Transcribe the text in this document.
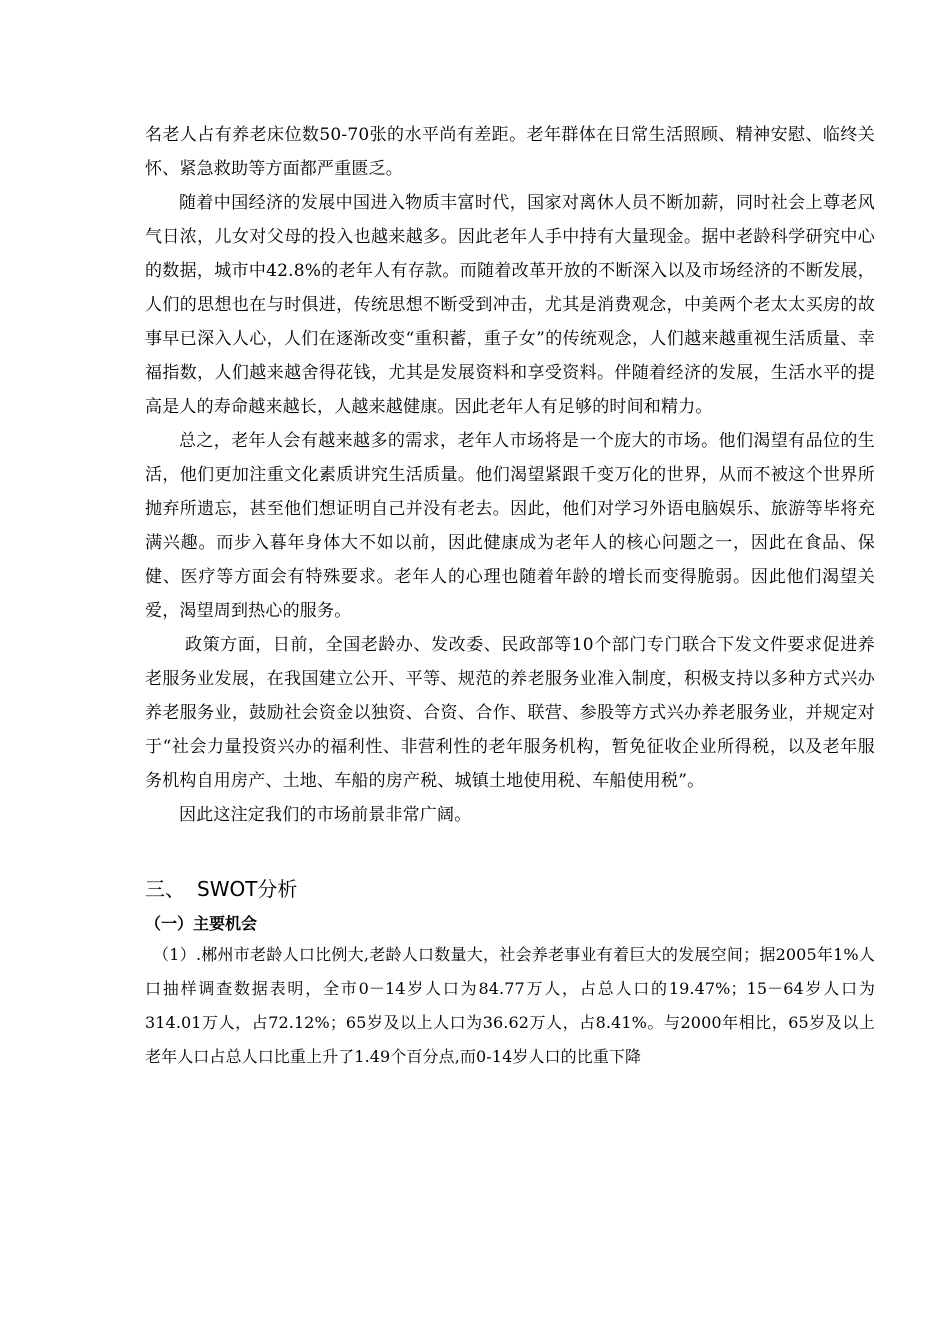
名老人占有养老床位数50-70张的水平尚有差距。老年群体在日常生活照顾、精神安慰、临终关怀、紧急救助等方面都严重匮乏。

随着中国经济的发展中国进入物质丰富时代，国家对离休人员不断加薪，同时社会上尊老风气日浓，儿女对父母的投入也越来越多。因此老年人手中持有大量现金。据中老龄科学研究中心的数据，城市中42.8%的老年人有存款。而随着改革开放的不断深入以及市场经济的不断发展，人们的思想也在与时俱进，传统思想不断受到冲击，尤其是消费观念，中美两个老太太买房的故事早已深入人心，人们在逐渐改变“重积蓄，重子女”的传统观念，人们越来越重视生活质量、幸福指数，人们越来越舍得花钱，尤其是发展资料和享受资料。伴随着经济的发展，生活水平的提高是人的寿命越来越长，人越来越健康。因此老年人有足够的时间和精力。

总之，老年人会有越来越多的需求，老年人市场将是一个庞大的市场。他们渴望有品位的生活，他们更加注重文化素质讲究生活质量。他们渴望紧跟千变万化的世界，从而不被这个世界所抛弃所遗忘，甚至他们想证明自己并没有老去。因此，他们对学习外语电脑娱乐、旅游等毕将充满兴趣。而步入暮年身体大不如以前，因此健康成为老年人的核心问题之一，因此在食品、保健、医疗等方面会有特殊要求。老年人的心理也随着年龄的增长而变得脆弱。因此他们渴望关爱，渴望周到热心的服务。

政策方面，日前，全国老龄办、发改委、民政部等10个部门专门联合下发文件要求促进养老服务业发展，在我国建立公开、平等、规范的养老服务业准入制度，积极支持以多种方式兴办养老服务业，鼓励社会资金以独资、合资、合作、联营、参股等方式兴办养老服务业，并规定对于“社会力量投资兴办的福利性、非营利性的老年服务机构，暂免征收企业所得税，以及老年服务机构自用房产、土地、车船的房产税、城镇土地使用税、车船使用税”。

因此这注定我们的市场前景非常广阔。

三、 SWOT分析
（一）主要机会

（1）.郴州市老龄人口比例大,老龄人口数量大，社会养老事业有着巨大的发展空间；据2005年1%人口抽样调查数据表明，全市0－14岁人口为84.77万人，占总人口的19.47%；15－64岁人口为314.01万人，占72.12%；65岁及以上人口为36.62万人，占8.41%。与2000年相比，65岁及以上老年人口占总人口比重上升了1.49个百分点,而0-14岁人口的比重下降
